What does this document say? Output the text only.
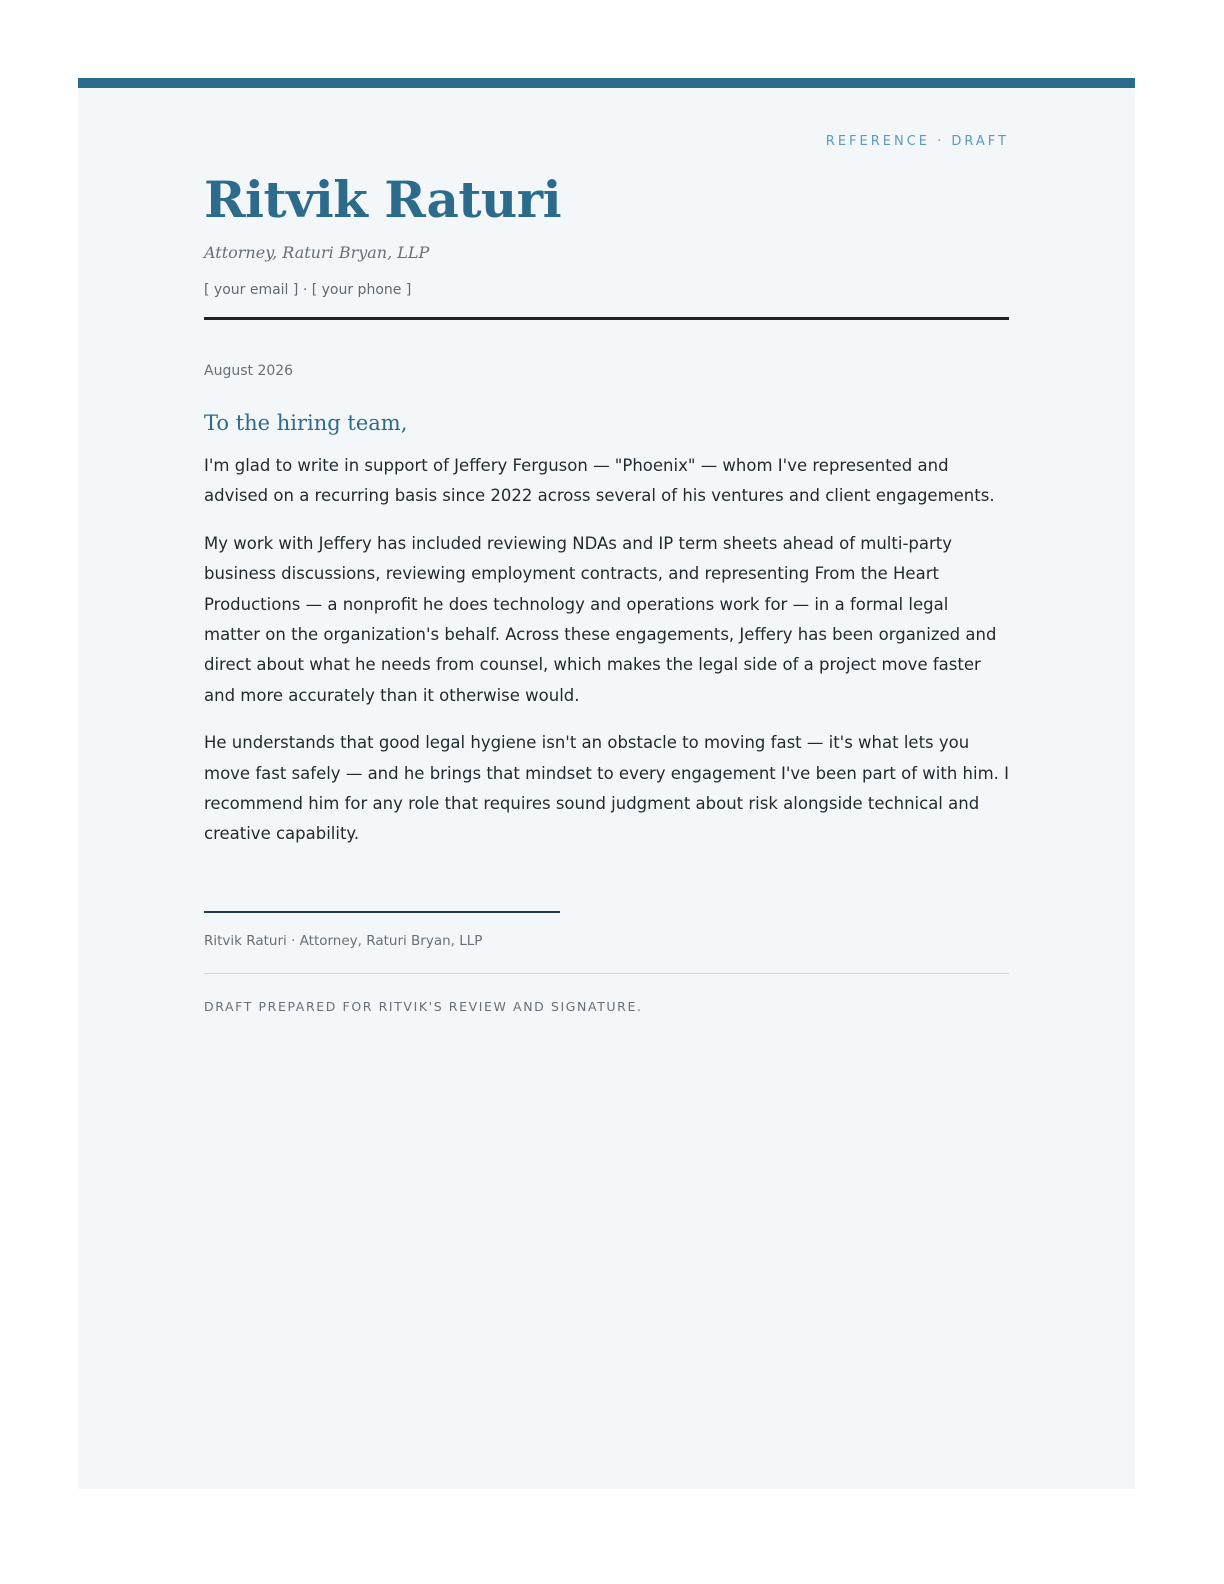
REFERENCE · DRAFT
Ritvik Raturi
Attorney, Raturi Bryan, LLP
[ your email ] · [ your phone ]
August 2026
To the hiring team,

I'm glad to write in support of Jeffery Ferguson — "Phoenix" — whom I've represented and advised on a recurring basis since 2022 across several of his ventures and client engagements.

My work with Jeffery has included reviewing NDAs and IP term sheets ahead of multi-party business discussions, reviewing employment contracts, and representing From the Heart Productions — a nonprofit he does technology and operations work for — in a formal legal matter on the organization's behalf. Across these engagements, Jeffery has been organized and direct about what he needs from counsel, which makes the legal side of a project move faster and more accurately than it otherwise would.

He understands that good legal hygiene isn't an obstacle to moving fast — it's what lets you move fast safely — and he brings that mindset to every engagement I've been part of with him. I recommend him for any role that requires sound judgment about risk alongside technical and creative capability.

Ritvik Raturi · Attorney, Raturi Bryan, LLP
DRAFT PREPARED FOR RITVIK'S REVIEW AND SIGNATURE.
